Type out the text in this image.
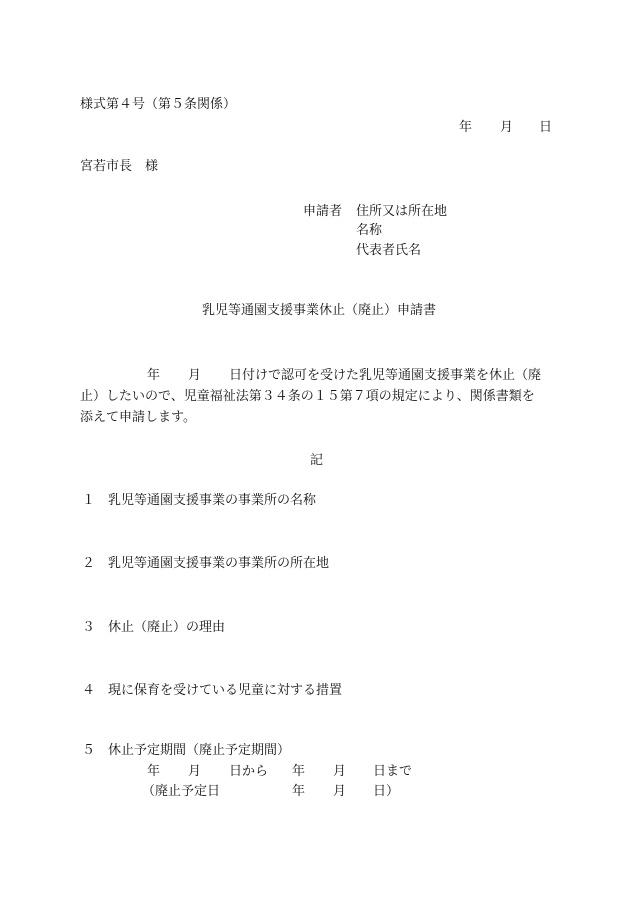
様式第４号（第５条関係）
年 月 日
宮若市長　様
申請者 住所又は所在地
名称
代表者氏名
乳児等通園支援事業休止（廃止）申請書
年 月 日付けで認可を受けた乳児等通園支援事業を休止（廃
止）したいので、児童福祉法第３４条の１５第７項の規定により、関係書類を
添えて申請します。
記
１ 乳児等通園支援事業の事業所の名称
２ 乳児等通園支援事業の事業所の所在地
３ 休止（廃止）の理由
４ 現に保育を受けている児童に対する措置
５ 休止予定期間（廃止予定期間）
年 月 日から 年 月 日まで
（廃止予定日	年 月 日）
